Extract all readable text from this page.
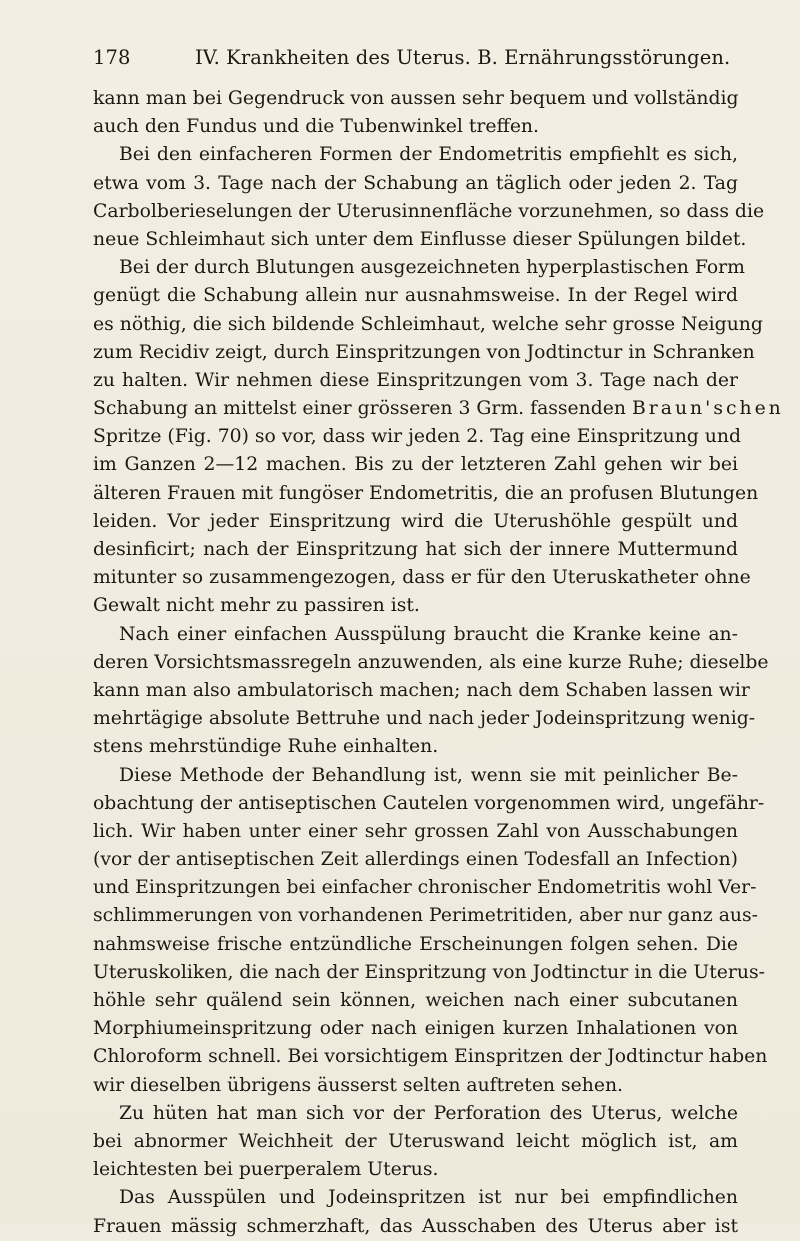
178	IV. Krankheiten des Uterus. B. Ernährungsstörungen.
kann man bei Gegendruck von aussen sehr bequem und vollständig
auch den Fundus und die Tubenwinkel treffen.
Bei den einfacheren Formen der Endometritis empfiehlt es sich,
etwa vom 3. Tage nach der Schabung an täglich oder jeden 2. Tag
Carbolberieselungen der Uterusinnenfläche vorzunehmen, so dass die
neue Schleimhaut sich unter dem Einflusse dieser Spülungen bildet.
Bei der durch Blutungen ausgezeichneten hyperplastischen Form
genügt die Schabung allein nur ausnahmsweise. In der Regel wird
es nöthig, die sich bildende Schleimhaut, welche sehr grosse Neigung
zum Recidiv zeigt, durch Einspritzungen von Jodtinctur in Schranken
zu halten. Wir nehmen diese Einspritzungen vom 3. Tage nach der
Schabung an mittelst einer grösseren 3 Grm. fassenden Braun'schen
Spritze (Fig. 70) so vor, dass wir jeden 2. Tag eine Einspritzung und
im Ganzen 2—12 machen. Bis zu der letzteren Zahl gehen wir bei
älteren Frauen mit fungöser Endometritis, die an profusen Blutungen
leiden. Vor jeder Einspritzung wird die Uterushöhle gespült und
desinficirt; nach der Einspritzung hat sich der innere Muttermund
mitunter so zusammengezogen, dass er für den Uteruskatheter ohne
Gewalt nicht mehr zu passiren ist.
Nach einer einfachen Ausspülung braucht die Kranke keine an-
deren Vorsichtsmassregeln anzuwenden, als eine kurze Ruhe; dieselbe
kann man also ambulatorisch machen; nach dem Schaben lassen wir
mehrtägige absolute Bettruhe und nach jeder Jodeinspritzung wenig-
stens mehrstündige Ruhe einhalten.
Diese Methode der Behandlung ist, wenn sie mit peinlicher Be-
obachtung der antiseptischen Cautelen vorgenommen wird, ungefähr-
lich. Wir haben unter einer sehr grossen Zahl von Ausschabungen
(vor der antiseptischen Zeit allerdings einen Todesfall an Infection)
und Einspritzungen bei einfacher chronischer Endometritis wohl Ver-
schlimmerungen von vorhandenen Perimetritiden, aber nur ganz aus-
nahmsweise frische entzündliche Erscheinungen folgen sehen. Die
Uteruskoliken, die nach der Einspritzung von Jodtinctur in die Uterus-
höhle sehr quälend sein können, weichen nach einer subcutanen
Morphiumeinspritzung oder nach einigen kurzen Inhalationen von
Chloroform schnell. Bei vorsichtigem Einspritzen der Jodtinctur haben
wir dieselben übrigens äusserst selten auftreten sehen.
Zu hüten hat man sich vor der Perforation des Uterus, welche
bei abnormer Weichheit der Uteruswand leicht möglich ist, am
leichtesten bei puerperalem Uterus.
Das Ausspülen und Jodeinspritzen ist nur bei empfindlichen
Frauen mässig schmerzhaft, das Ausschaben des Uterus aber ist
